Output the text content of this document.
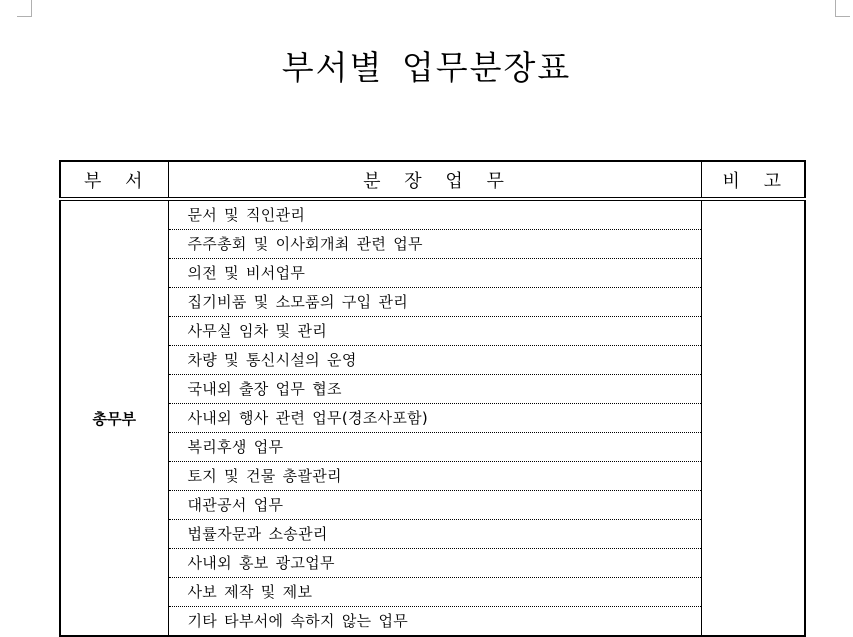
부서별 업무분장표
부 서	분 장 업 무	비 고
총무부	문서 및 직인관리	
	주주총회 및 이사회개최 관련 업무	
	의전 및 비서업무	
	집기비품 및 소모품의 구입 관리	
	사무실 임차 및 관리	
	차량 및 통신시설의 운영	
	국내외 출장 업무 협조	
	사내외 행사 관련 업무(경조사포함)	
	복리후생 업무	
	토지 및 건물 총괄관리	
	대관공서 업무	
	법률자문과 소송관리	
	사내외 홍보 광고업무	
	사보 제작 및 제보	
	기타 타부서에 속하지 않는 업무	
